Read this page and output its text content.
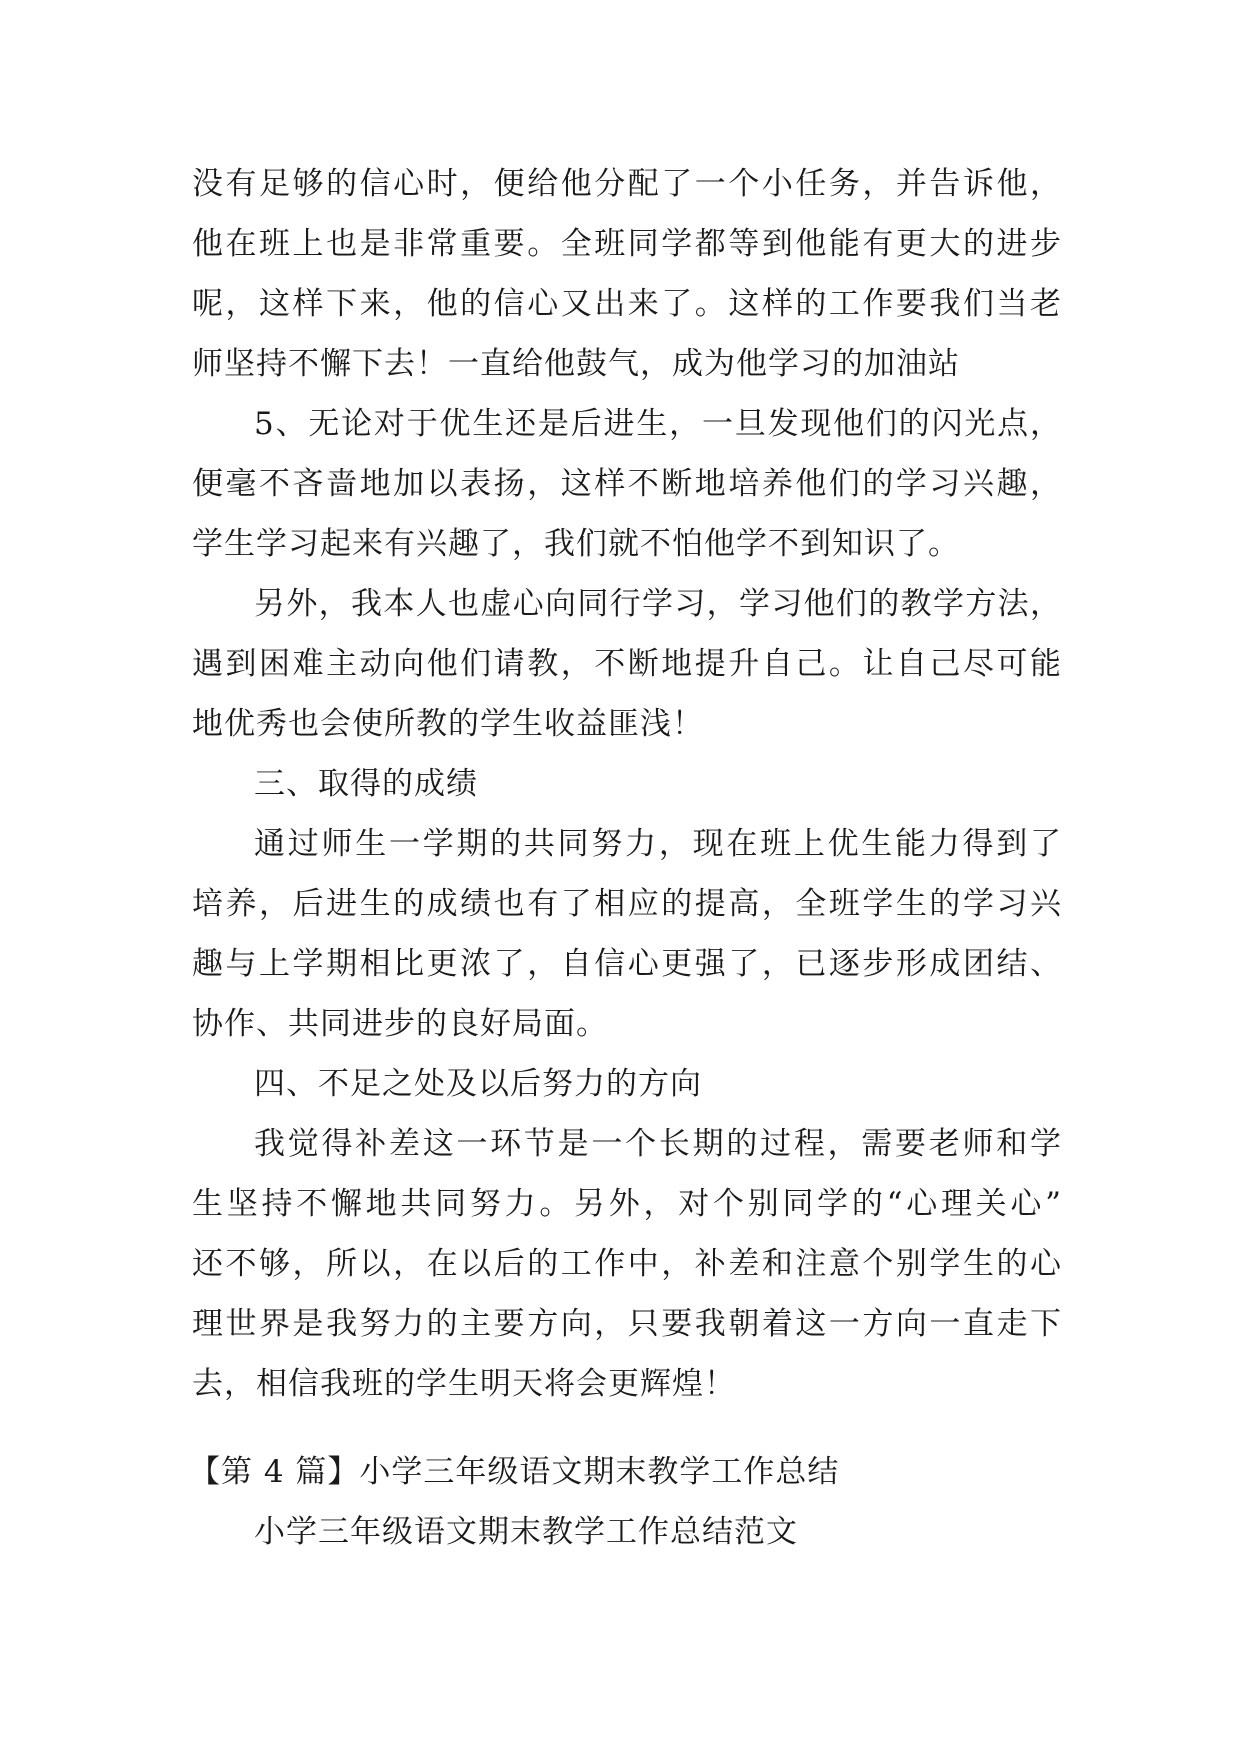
没有足够的信心时，便给他分配了一个小任务，并告诉他，
他在班上也是非常重要。全班同学都等到他能有更大的进步
呢，这样下来，他的信心又出来了。这样的工作要我们当老
师坚持不懈下去！一直给他鼓气，成为他学习的加油站
5、无论对于优生还是后进生，一旦发现他们的闪光点，
便毫不吝啬地加以表扬，这样不断地培养他们的学习兴趣，
学生学习起来有兴趣了，我们就不怕他学不到知识了。
另外，我本人也虚心向同行学习，学习他们的教学方法，
遇到困难主动向他们请教，不断地提升自己。让自己尽可能
地优秀也会使所教的学生收益匪浅！
三、取得的成绩
通过师生一学期的共同努力，现在班上优生能力得到了
培养，后进生的成绩也有了相应的提高，全班学生的学习兴
趣与上学期相比更浓了，自信心更强了，已逐步形成团结、
协作、共同进步的良好局面。
四、不足之处及以后努力的方向
我觉得补差这一环节是一个长期的过程，需要老师和学
生坚持不懈地共同努力。另外，对个别同学的“心理关心”
还不够，所以，在以后的工作中，补差和注意个别学生的心
理世界是我努力的主要方向，只要我朝着这一方向一直走下
去，相信我班的学生明天将会更辉煌！
【第 4 篇】小学三年级语文期末教学工作总结
小学三年级语文期末教学工作总结范文
